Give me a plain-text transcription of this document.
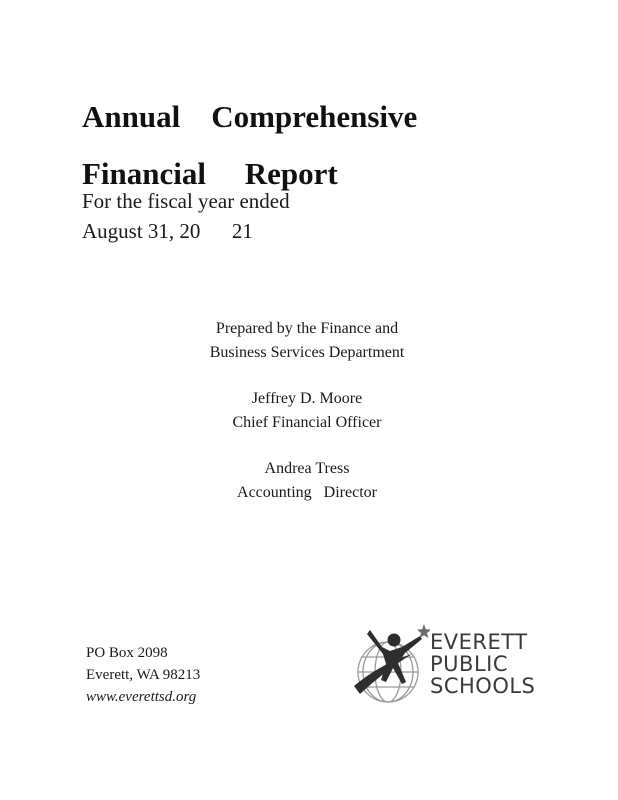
Annual    Comprehensive
Financial     Report
For the fiscal year ended
August 31, 20      21
Prepared by the Finance and
Business Services Department
Jeffrey D. Moore
Chief Financial Officer
Andrea Tress
Accounting   Director
PO Box 2098
Everett, WA 98213
www.everettsd.org
EVERETT
PUBLIC
SCHOOLS
